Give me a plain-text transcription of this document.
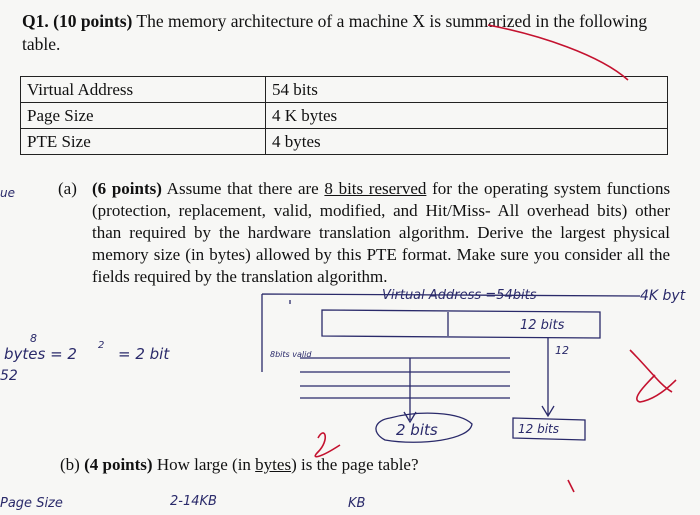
Q1. (10 points) The memory architecture of a machine X is summarized in the following table.
Virtual Address	54 bits
Page Size	4 K bytes
PTE Size	4 bytes
(a) (6 points) Assume that there are 8 bits reserved for the operating system functions (protection, replacement, valid, modified, and Hit/Miss- All overhead bits) other than required by the hardware translation algorithm. Derive the largest physical memory size (in bytes) allowed by this PTE format. Make sure you consider all the fields required by the translation algorithm.
(b) (4 points) How large (in bytes) is the page table?
Virtual Address =54bits	4K byt
12 bits
12
bytes = 2
8
2 = 2 bit	8bits valid
2 bits	12 bits
ue
52
Page Size	2-14KB	KB
